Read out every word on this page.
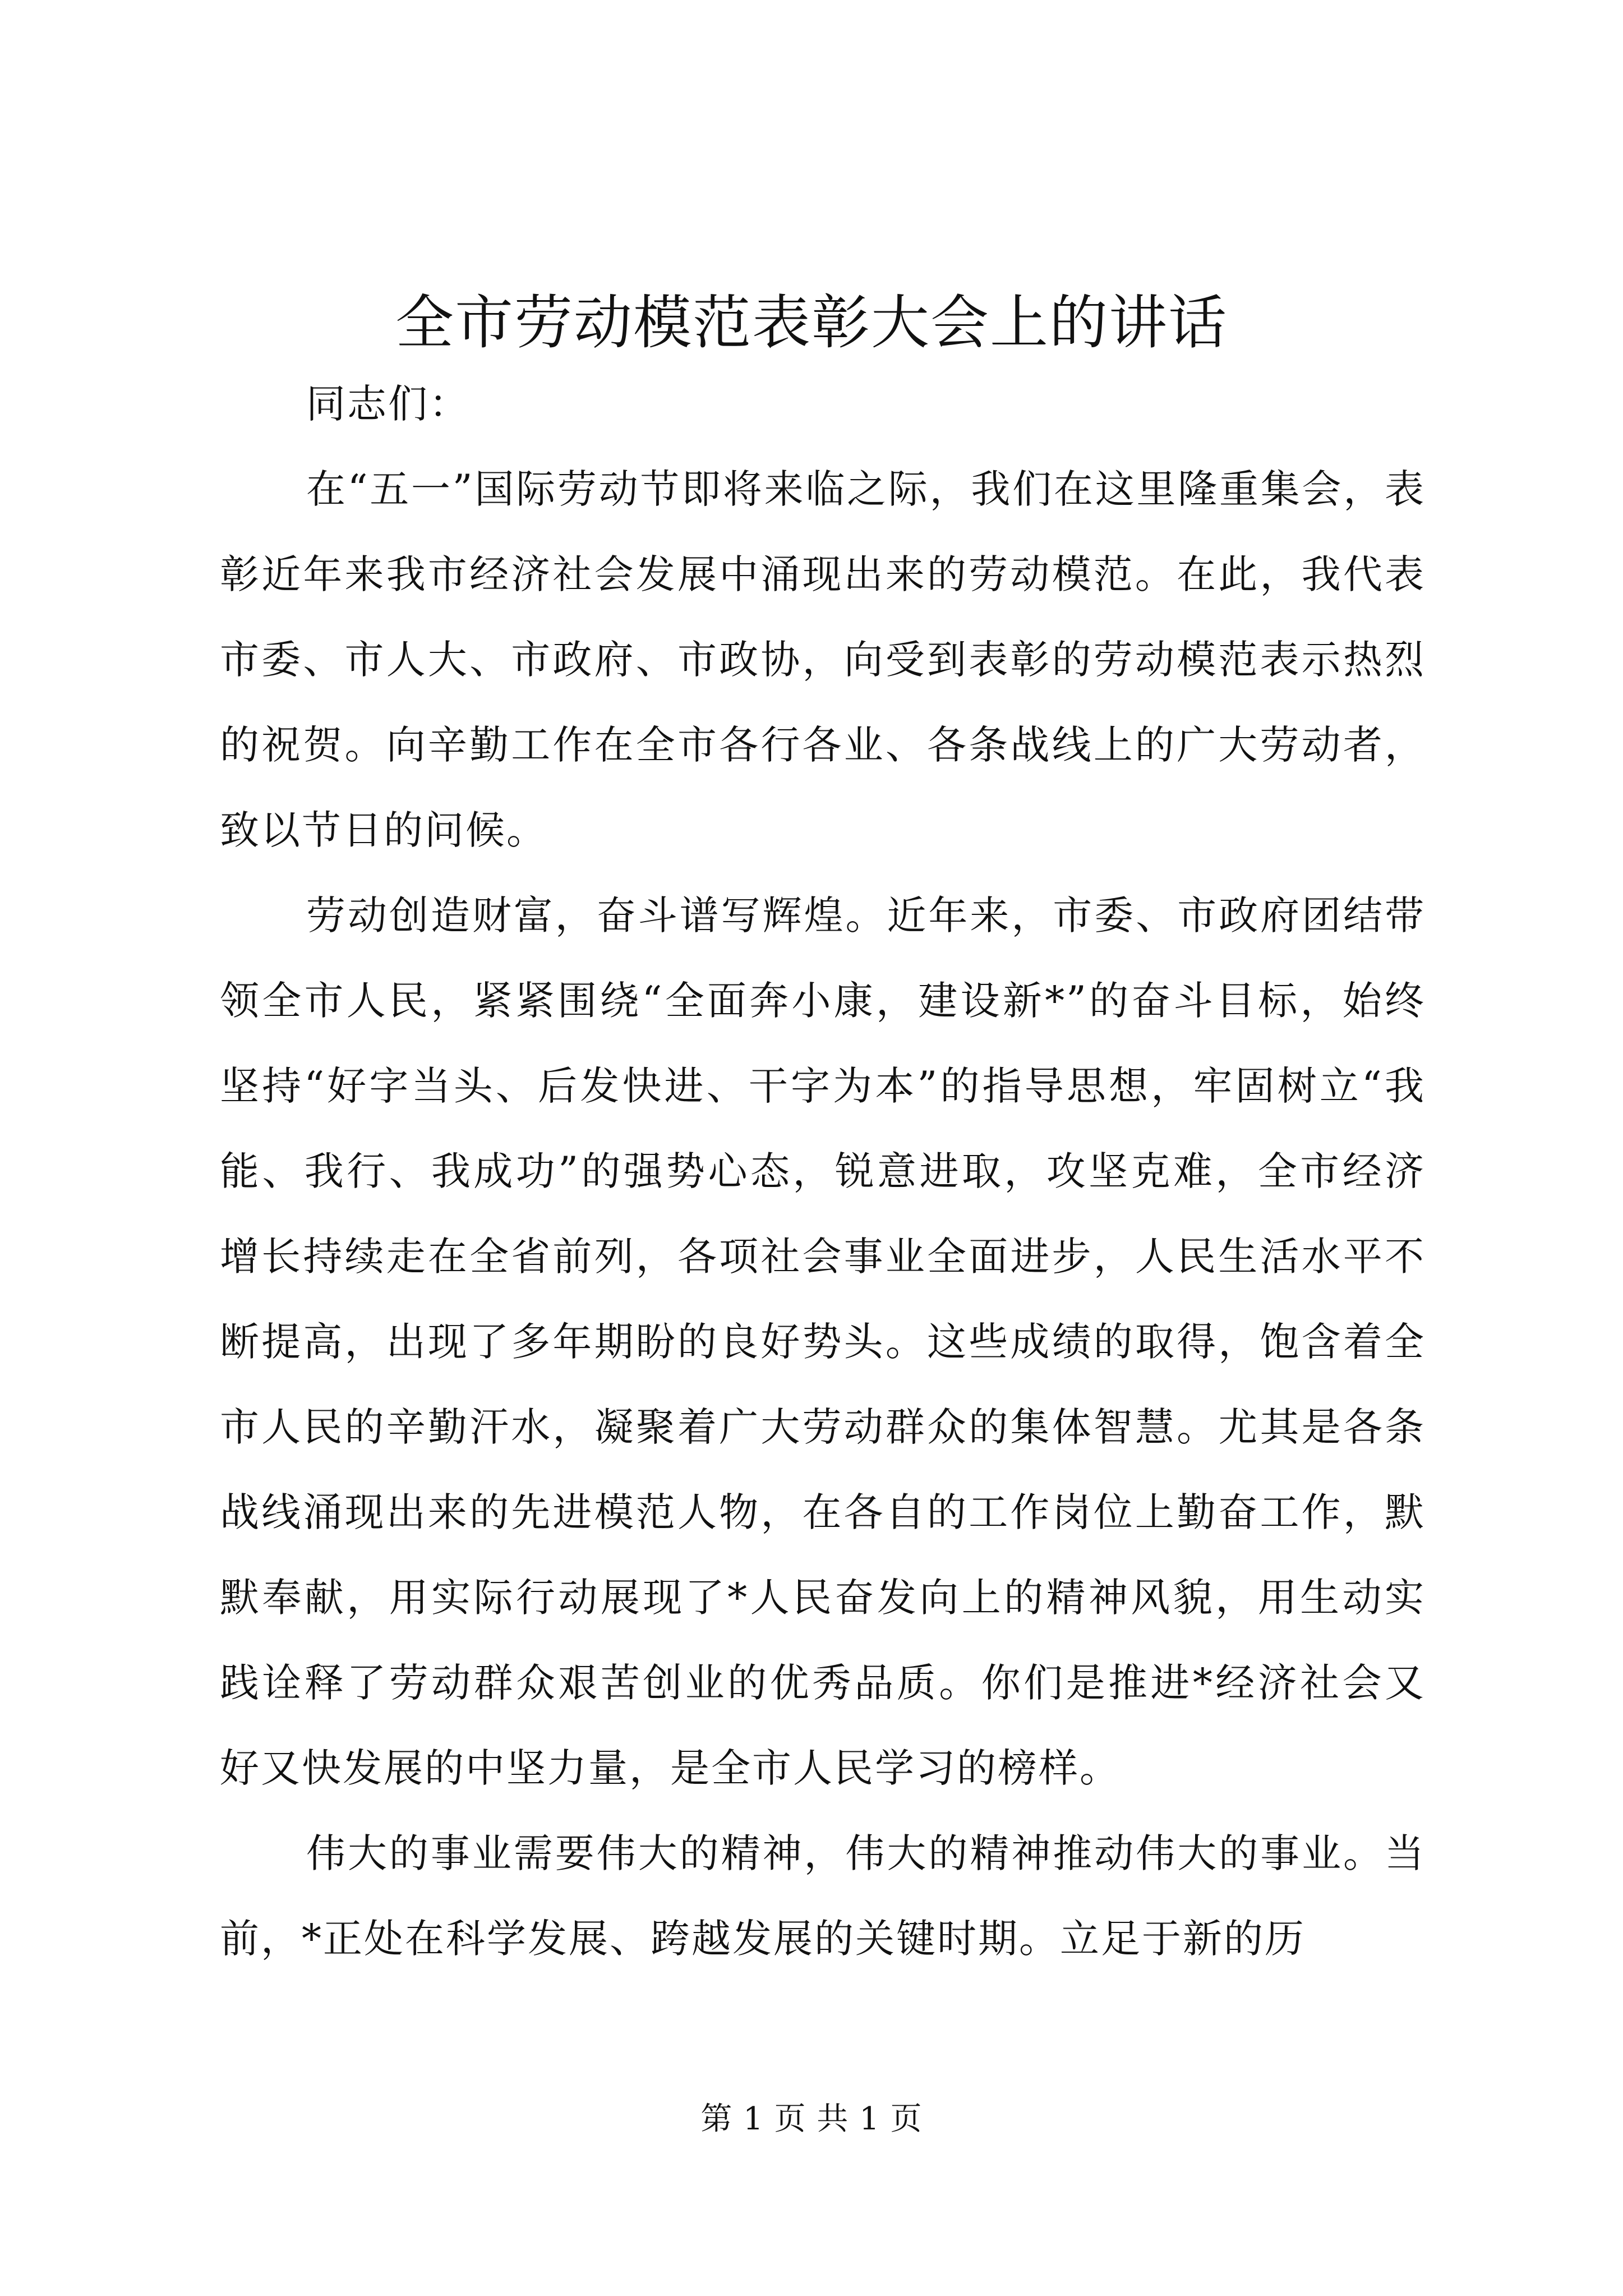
全市劳动模范表彰大会上的讲话

同志们：

在“五一”国际劳动节即将来临之际，我们在这里隆重集会，表彰近年来我市经济社会发展中涌现出来的劳动模范。在此，我代表市委、市人大、市政府、市政协，向受到表彰的劳动模范表示热烈的祝贺。向辛勤工作在全市各行各业、各条战线上的广大劳动者，致以节日的问候。

劳动创造财富，奋斗谱写辉煌。近年来，市委、市政府团结带领全市人民，紧紧围绕“全面奔小康，建设新*”的奋斗目标，始终坚持“好字当头、后发快进、干字为本”的指导思想，牢固树立“我能、我行、我成功”的强势心态，锐意进取，攻坚克难，全市经济增长持续走在全省前列，各项社会事业全面进步，人民生活水平不断提高，出现了多年期盼的良好势头。这些成绩的取得，饱含着全市人民的辛勤汗水，凝聚着广大劳动群众的集体智慧。尤其是各条战线涌现出来的先进模范人物，在各自的工作岗位上勤奋工作，默默奉献，用实际行动展现了*人民奋发向上的精神风貌，用生动实践诠释了劳动群众艰苦创业的优秀品质。你们是推进*经济社会又好又快发展的中坚力量，是全市人民学习的榜样。

伟大的事业需要伟大的精神，伟大的精神推动伟大的事业。当前，*正处在科学发展、跨越发展的关键时期。立足于新的历

第 1 页 共 1 页
